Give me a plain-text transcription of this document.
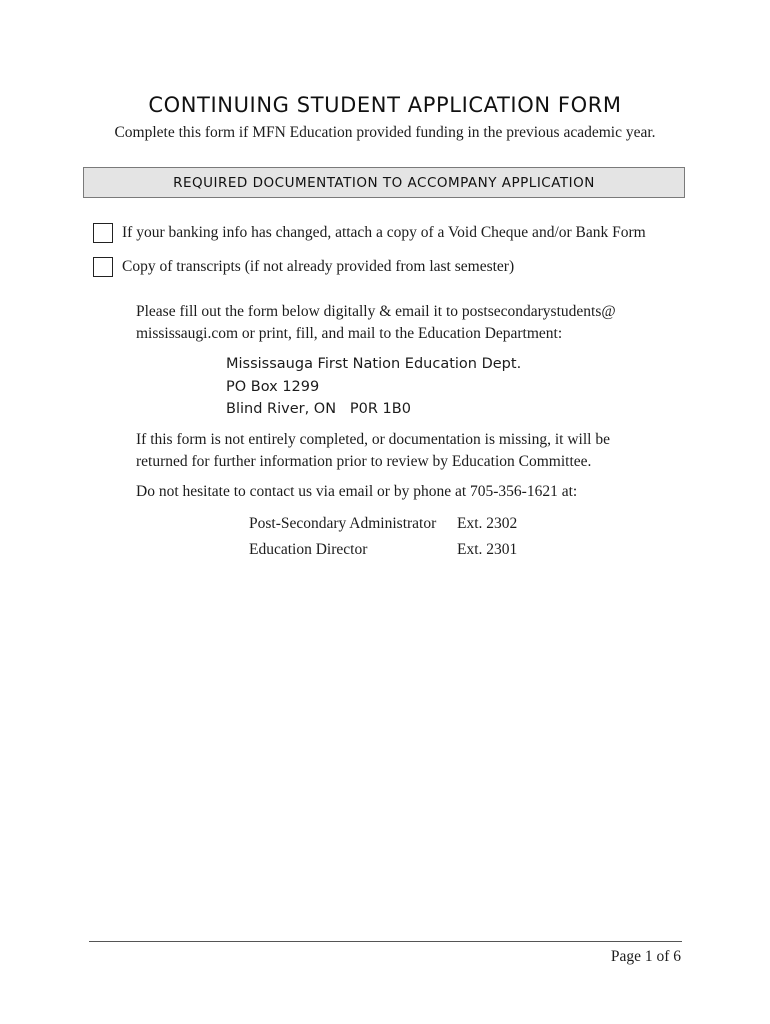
CONTINUING STUDENT APPLICATION FORM
Complete this form if MFN Education provided funding in the previous academic year.
REQUIRED DOCUMENTATION TO ACCOMPANY APPLICATION
If your banking info has changed, attach a copy of a Void Cheque and/or Bank Form
Copy of transcripts (if not already provided from last semester)
Please fill out the form below digitally & email it to postsecondarystudents@
mississaugi.com or print, fill, and mail to the Education Department:
Mississauga First Nation Education Dept.
PO Box 1299
Blind River, ON   P0R 1B0
If this form is not entirely completed, or documentation is missing, it will be
returned for further information prior to review by Education Committee.
Do not hesitate to contact us via email or by phone at 705-356-1621 at:
Post-Secondary Administrator	Ext. 2302
Education Director	Ext. 2301
Page 1 of 6
